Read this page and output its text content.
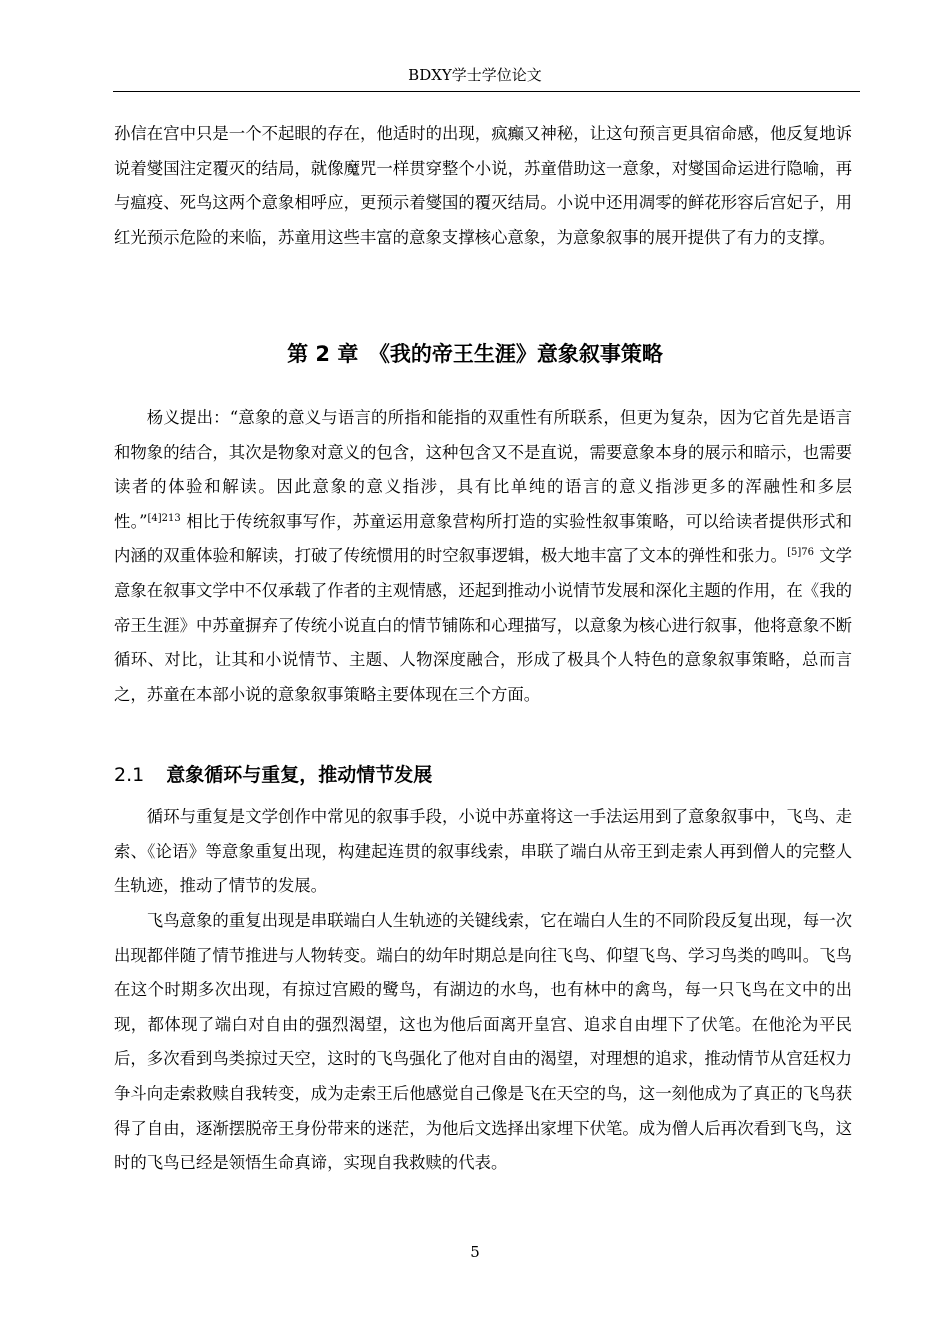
BDXY学士学位论文

孙信在宫中只是一个不起眼的存在，他适时的出现，疯癫又神秘，让这句预言更具宿命感，他反复地诉说着燮国注定覆灭的结局，就像魔咒一样贯穿整个小说，苏童借助这一意象，对燮国命运进行隐喻，再与瘟疫、死鸟这两个意象相呼应，更预示着燮国的覆灭结局。小说中还用凋零的鲜花形容后宫妃子，用红光预示危险的来临，苏童用这些丰富的意象支撑核心意象，为意象叙事的展开提供了有力的支撑。

第 2 章　《我的帝王生涯》意象叙事策略

杨义提出：“意象的意义与语言的所指和能指的双重性有所联系，但更为复杂，因为它首先是语言和物象的结合，其次是物象对意义的包含，这种包含又不是直说，需要意象本身的展示和暗示，也需要读者的体验和解读。因此意象的意义指涉，具有比单纯的语言的意义指涉更多的浑融性和多层性。”$^{[4]213}$ 相比于传统叙事写作，苏童运用意象营构所打造的实验性叙事策略，可以给读者提供形式和内涵的双重体验和解读，打破了传统惯用的时空叙事逻辑，极大地丰富了文本的弹性和张力。$^{[5]76}$ 文学意象在叙事文学中不仅承载了作者的主观情感，还起到推动小说情节发展和深化主题的作用，在《我的帝王生涯》中苏童摒弃了传统小说直白的情节铺陈和心理描写，以意象为核心进行叙事，他将意象不断循环、对比，让其和小说情节、主题、人物深度融合，形成了极具个人特色的意象叙事策略，总而言之，苏童在本部小说的意象叙事策略主要体现在三个方面。

2.1 意象循环与重复，推动情节发展

循环与重复是文学创作中常见的叙事手段，小说中苏童将这一手法运用到了意象叙事中，飞鸟、走索、《论语》等意象重复出现，构建起连贯的叙事线索，串联了端白从帝王到走索人再到僧人的完整人生轨迹，推动了情节的发展。

飞鸟意象的重复出现是串联端白人生轨迹的关键线索，它在端白人生的不同阶段反复出现，每一次出现都伴随了情节推进与人物转变。端白的幼年时期总是向往飞鸟、仰望飞鸟、学习鸟类的鸣叫。飞鸟在这个时期多次出现，有掠过宫殿的鹭鸟，有湖边的水鸟，也有林中的禽鸟，每一只飞鸟在文中的出现，都体现了端白对自由的强烈渴望，这也为他后面离开皇宫、追求自由埋下了伏笔。在他沦为平民后，多次看到鸟类掠过天空，这时的飞鸟强化了他对自由的渴望，对理想的追求，推动情节从宫廷权力争斗向走索救赎自我转变，成为走索王后他感觉自己像是飞在天空的鸟，这一刻他成为了真正的飞鸟获得了自由，逐渐摆脱帝王身份带来的迷茫，为他后文选择出家埋下伏笔。成为僧人后再次看到飞鸟，这时的飞鸟已经是领悟生命真谛，实现自我救赎的代表。

5
